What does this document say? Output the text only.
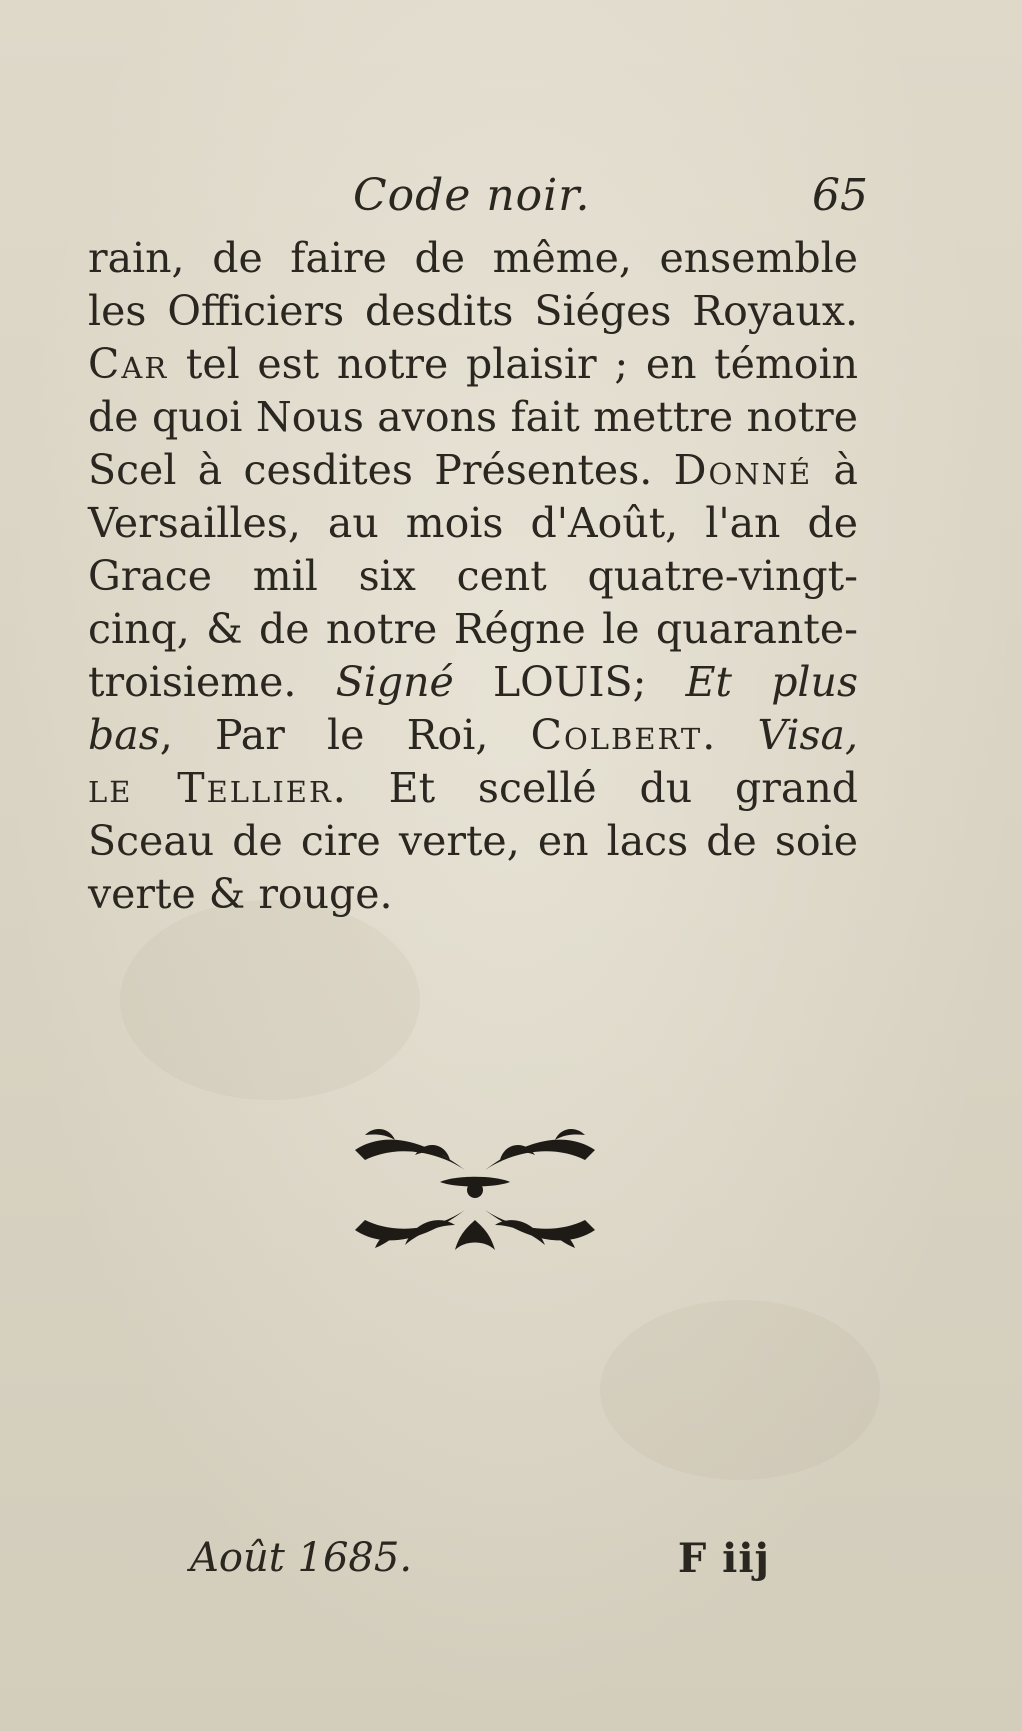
Code noir.	65
rain, de faire de même, ensemble
les Officiers desdits Siéges Royaux.
Car tel est notre plaisir ; en témoin
de quoi Nous avons fait mettre notre
Scel à cesdites Présentes. Donné à
Versailles, au mois d'Août, l'an de
Grace mil six cent quatre-vingt-
cinq, & de notre Régne le quarante-
troisieme. Signé LOUIS; Et plus
bas, Par le Roi, Colbert. Visa,
le Tellier. Et scellé du grand
Sceau de cire verte, en lacs de soie
verte & rouge.
Août 1685.	F iij
